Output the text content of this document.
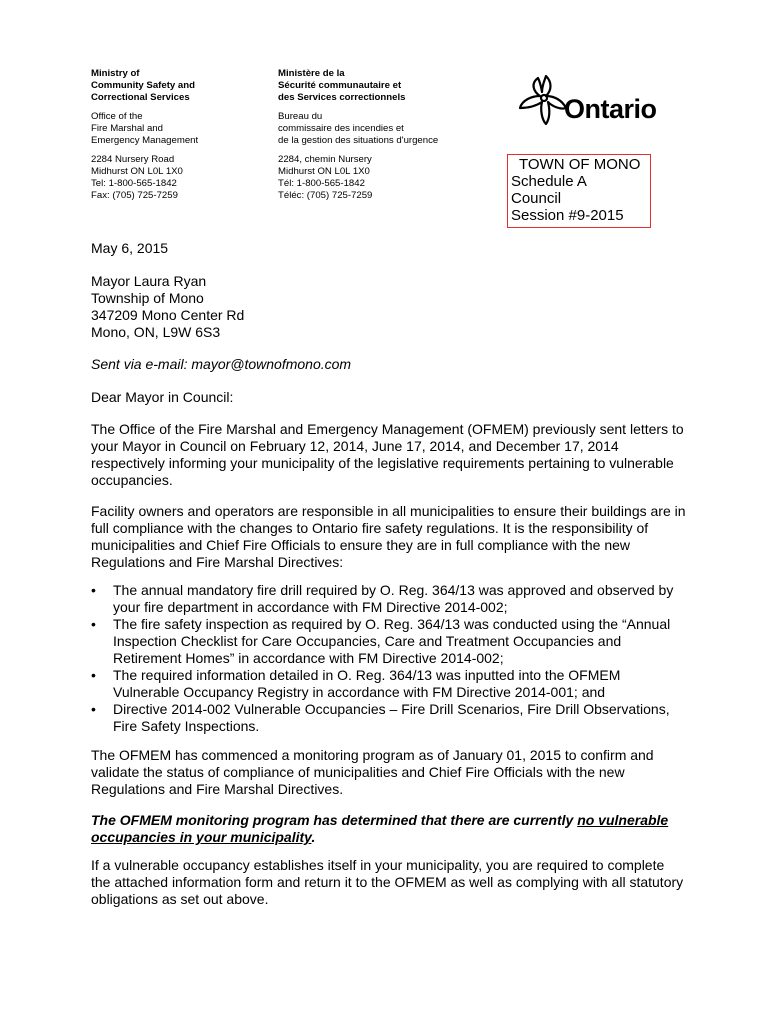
Ministry of
Community Safety and
Correctional Services
Office of the
Fire Marshal and
Emergency Management
2284 Nursery Road
Midhurst ON L0L 1X0
Tel: 1-800-565-1842
Fax: (705) 725-7259
Ministère de la
Sécurité communautaire et
des Services correctionnels
Bureau du
commissaire des incendies et
de la gestion des situations d'urgence
2284, chemin Nursery
Midhurst ON L0L 1X0
Tél: 1-800-565-1842
Téléc: (705) 725-7259
Ontario
TOWN OF MONO
Schedule A
Council
Session #9-2015
May 6, 2015
Mayor Laura Ryan
Township of Mono
347209 Mono Center Rd
Mono, ON, L9W 6S3
Sent via e-mail: mayor@townofmono.com
Dear Mayor in Council:
The Office of the Fire Marshal and Emergency Management (OFMEM) previously sent letters to your Mayor in Council on February 12, 2014, June 17, 2014, and December 17, 2014 respectively informing your municipality of the legislative requirements pertaining to vulnerable occupancies.
Facility owners and operators are responsible in all municipalities to ensure their buildings are in full compliance with the changes to Ontario fire safety regulations. It is the responsibility of municipalities and Chief Fire Officials to ensure they are in full compliance with the new Regulations and Fire Marshal Directives:
• The annual mandatory fire drill required by O. Reg. 364/13 was approved and observed by your fire department in accordance with FM Directive 2014-002;
• The fire safety inspection as required by O. Reg. 364/13 was conducted using the “Annual Inspection Checklist for Care Occupancies, Care and Treatment Occupancies and Retirement Homes” in accordance with FM Directive 2014-002;
• The required information detailed in O. Reg. 364/13 was inputted into the OFMEM Vulnerable Occupancy Registry in accordance with FM Directive 2014-001; and
• Directive 2014-002 Vulnerable Occupancies – Fire Drill Scenarios, Fire Drill Observations, Fire Safety Inspections.
The OFMEM has commenced a monitoring program as of January 01, 2015 to confirm and validate the status of compliance of municipalities and Chief Fire Officials with the new Regulations and Fire Marshal Directives.
The OFMEM monitoring program has determined that there are currently no vulnerable occupancies in your municipality.
If a vulnerable occupancy establishes itself in your municipality, you are required to complete the attached information form and return it to the OFMEM as well as complying with all statutory obligations as set out above.
